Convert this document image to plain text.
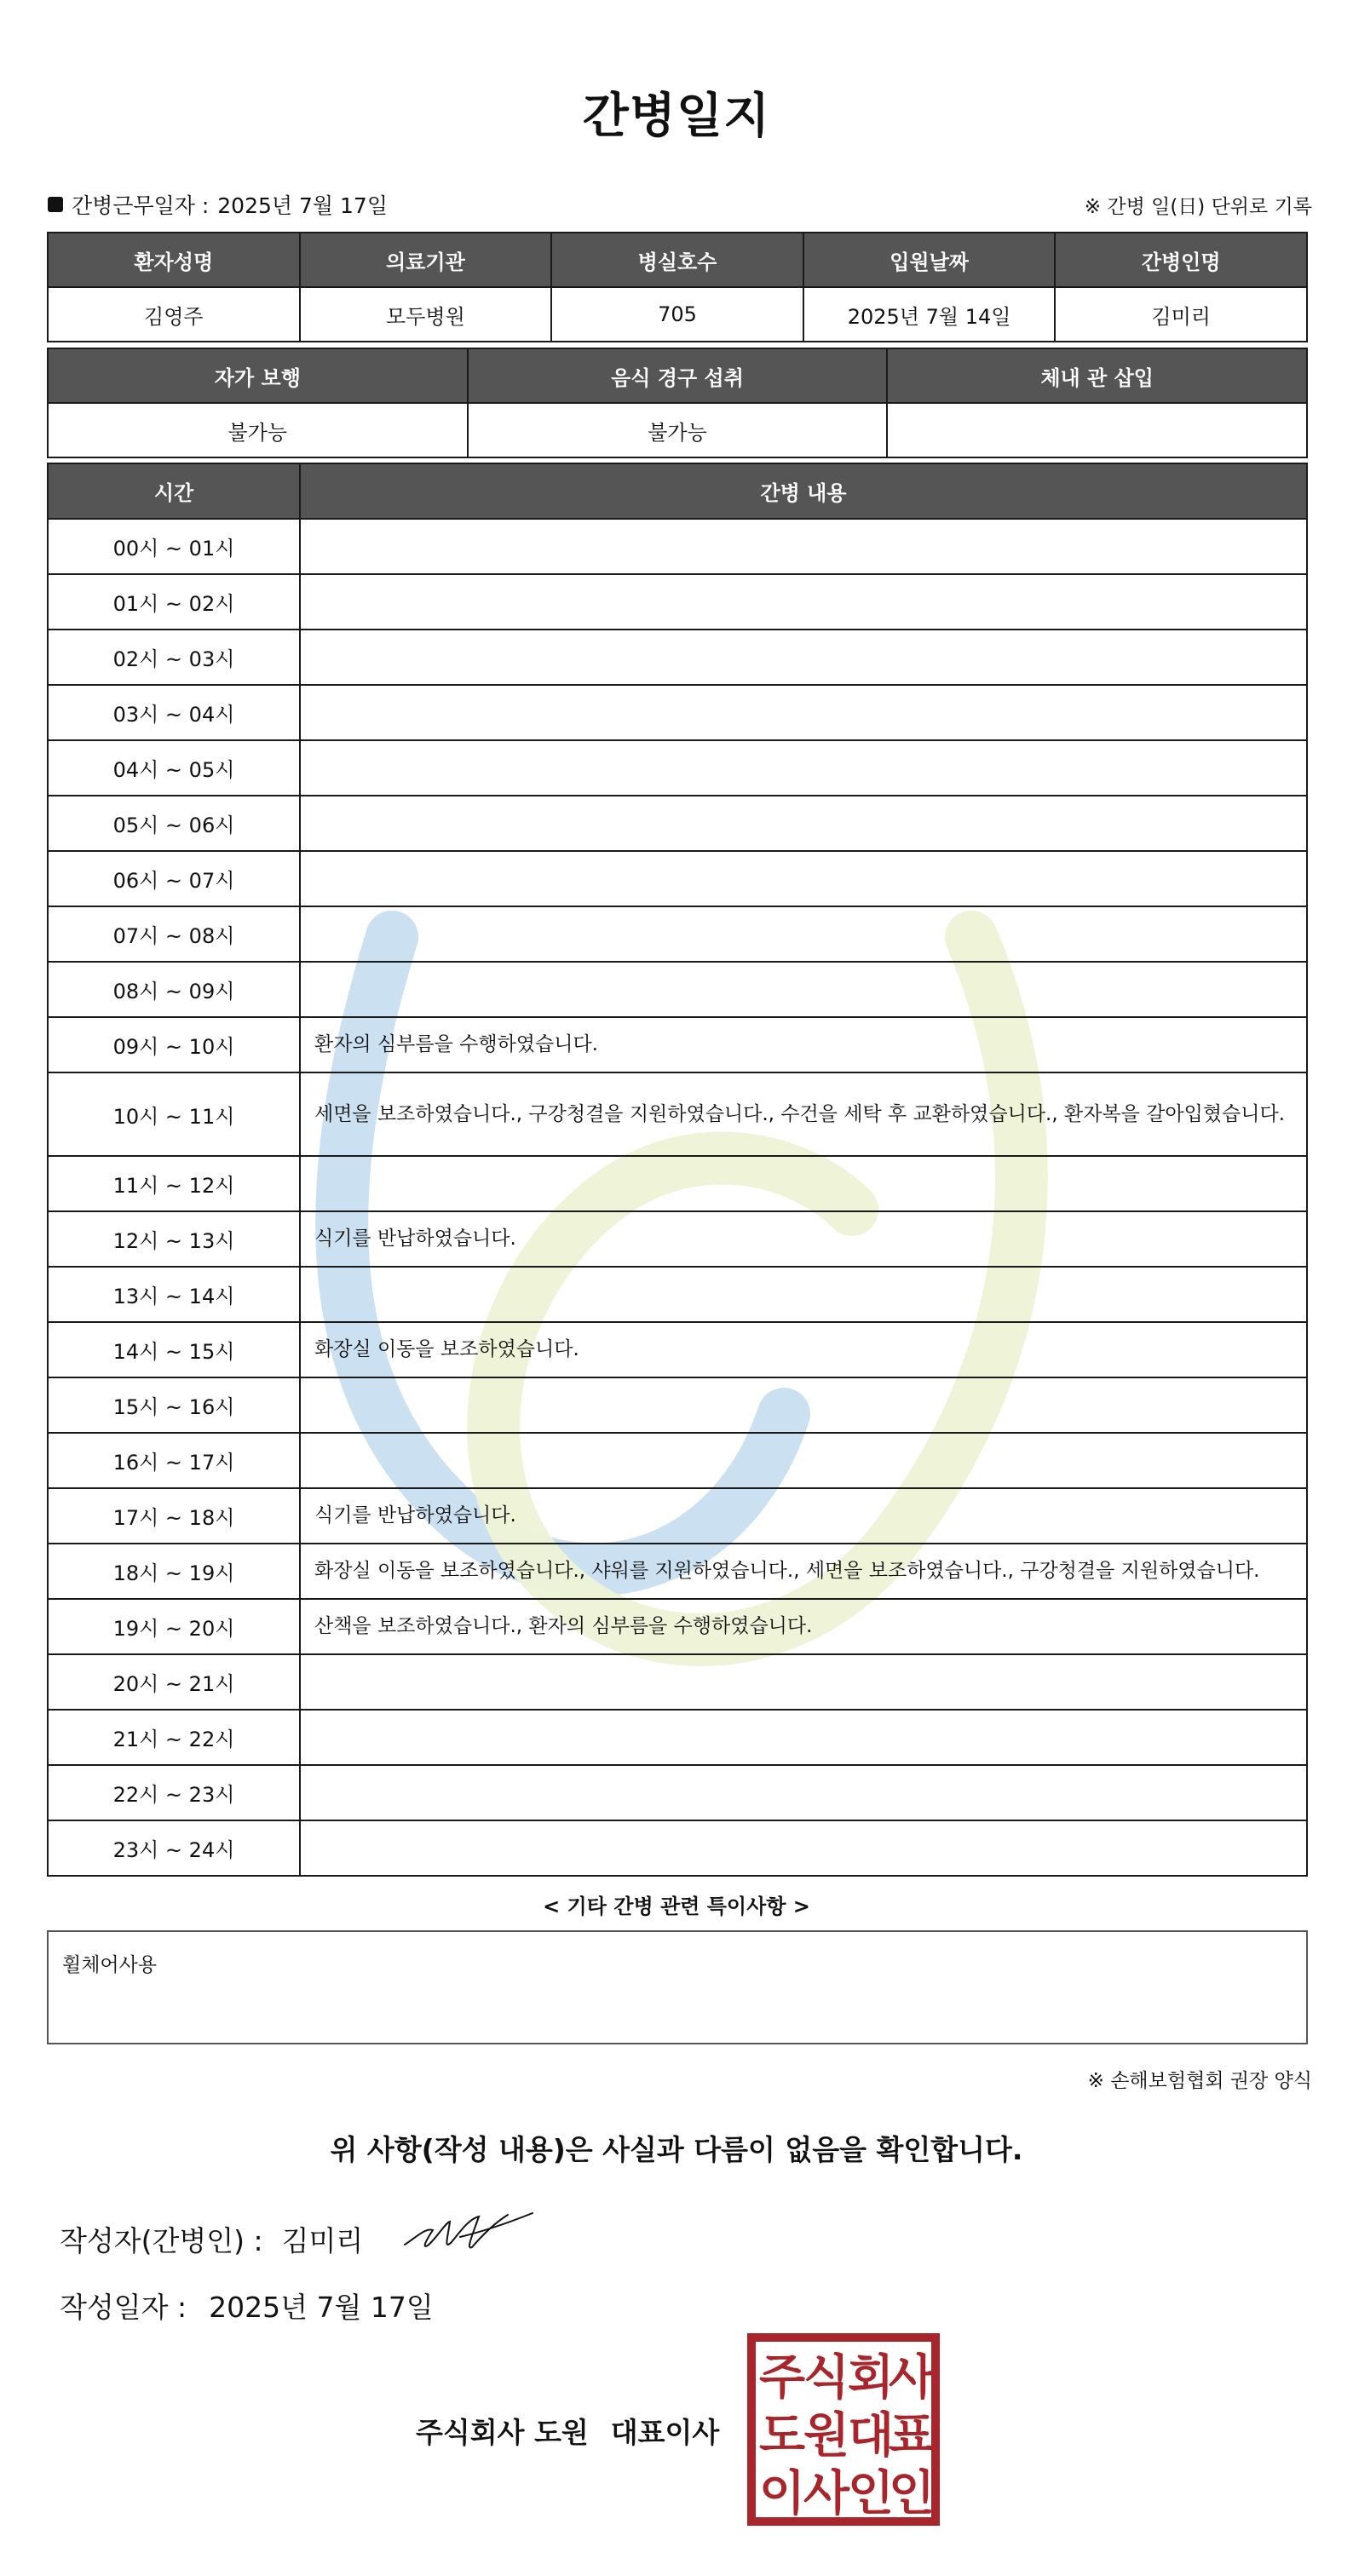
간병일지
간병근무일자 : 2025년 7월 17일	※ 간병 일(日) 단위로 기록
환자성명	의료기관	병실호수	입원날짜	간병인명
김영주	모두병원	705	2025년 7월 14일	김미리
자가 보행	음식 경구 섭취	체내 관 삽입
불가능	불가능	
시간	간병 내용
00시 ~ 01시	
01시 ~ 02시	
02시 ~ 03시	
03시 ~ 04시	
04시 ~ 05시	
05시 ~ 06시	
06시 ~ 07시	
07시 ~ 08시	
08시 ~ 09시	
09시 ~ 10시	환자의 심부름을 수행하였습니다.
10시 ~ 11시	세면을 보조하였습니다., 구강청결을 지원하였습니다., 수건을 세탁 후 교환하였습니다., 환자복을 갈아입혔습니다.
11시 ~ 12시	
12시 ~ 13시	식기를 반납하였습니다.
13시 ~ 14시	
14시 ~ 15시	화장실 이동을 보조하였습니다.
15시 ~ 16시	
16시 ~ 17시	
17시 ~ 18시	식기를 반납하였습니다.
18시 ~ 19시	화장실 이동을 보조하였습니다., 샤워를 지원하였습니다., 세면을 보조하였습니다., 구강청결을 지원하였습니다.
19시 ~ 20시	산책을 보조하였습니다., 환자의 심부름을 수행하였습니다.
20시 ~ 21시	
21시 ~ 22시	
22시 ~ 23시	
23시 ~ 24시	
< 기타 간병 관련 특이사항 >
휠체어사용
※ 손해보험협회 권장 양식
위 사항(작성 내용)은 사실과 다름이 없음을 확인합니다.
작성자(간병인) : 김미리
작성일자 : 2025년 7월 17일
주식회사 도원 대표이사
주
식
회
사
도
원
대
표
이
사
인
인
